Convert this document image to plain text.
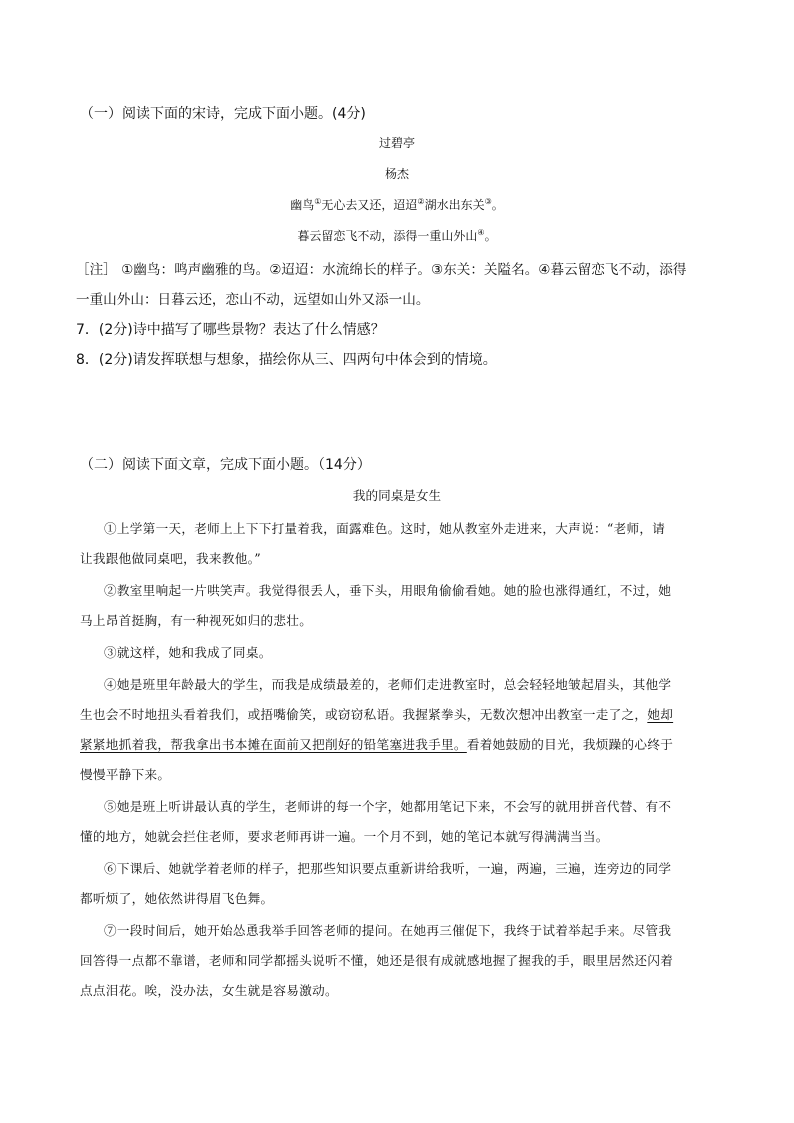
（一）阅读下面的宋诗，完成下面小题。(4分)
过碧亭
杨杰
幽鸟①无心去又还，迢迢②湖水出东关③。
暮云留恋飞不动，添得一重山外山④。
［注］ ①幽鸟：鸣声幽雅的鸟。②迢迢：水流绵长的样子。③东关：关隘名。④暮云留恋飞不动，添得
一重山外山：日暮云还，恋山不动，远望如山外又添一山。
7．(2分)诗中描写了哪些景物？表达了什么情感？
8．(2分)请发挥联想与想象，描绘你从三、四两句中体会到的情境。
（二）阅读下面文章，完成下面小题。（14分）
我的同桌是女生
①上学第一天，老师上上下下打量着我，面露难色。这时，她从教室外走进来，大声说：“老师，请
让我跟他做同桌吧，我来教他。”
②教室里响起一片哄笑声。我觉得很丢人，垂下头，用眼角偷偷看她。她的脸也涨得通红，不过，她
马上昂首挺胸，有一种视死如归的悲壮。
③就这样，她和我成了同桌。
④她是班里年龄最大的学生，而我是成绩最差的，老师们走进教室时，总会轻轻地皱起眉头，其他学
生也会不时地扭头看着我们，或捂嘴偷笑，或窃窃私语。我握紧拳头，无数次想冲出教室一走了之，她却
紧紧地抓着我，帮我拿出书本摊在面前又把削好的铅笔塞进我手里。看着她鼓励的目光，我烦躁的心终于
慢慢平静下来。
⑤她是班上听讲最认真的学生，老师讲的每一个字，她都用笔记下来，不会写的就用拼音代替、有不
懂的地方，她就会拦住老师，要求老师再讲一遍。一个月不到，她的笔记本就写得满满当当。
⑥下课后、她就学着老师的样子，把那些知识要点重新讲给我听，一遍，两遍，三遍，连旁边的同学
都听烦了，她依然讲得眉飞色舞。
⑦一段时间后，她开始怂恿我举手回答老师的提问。在她再三催促下，我终于试着举起手来。尽管我
回答得一点都不靠谱，老师和同学都摇头说听不懂，她还是很有成就感地握了握我的手，眼里居然还闪着
点点泪花。唉，没办法，女生就是容易激动。
